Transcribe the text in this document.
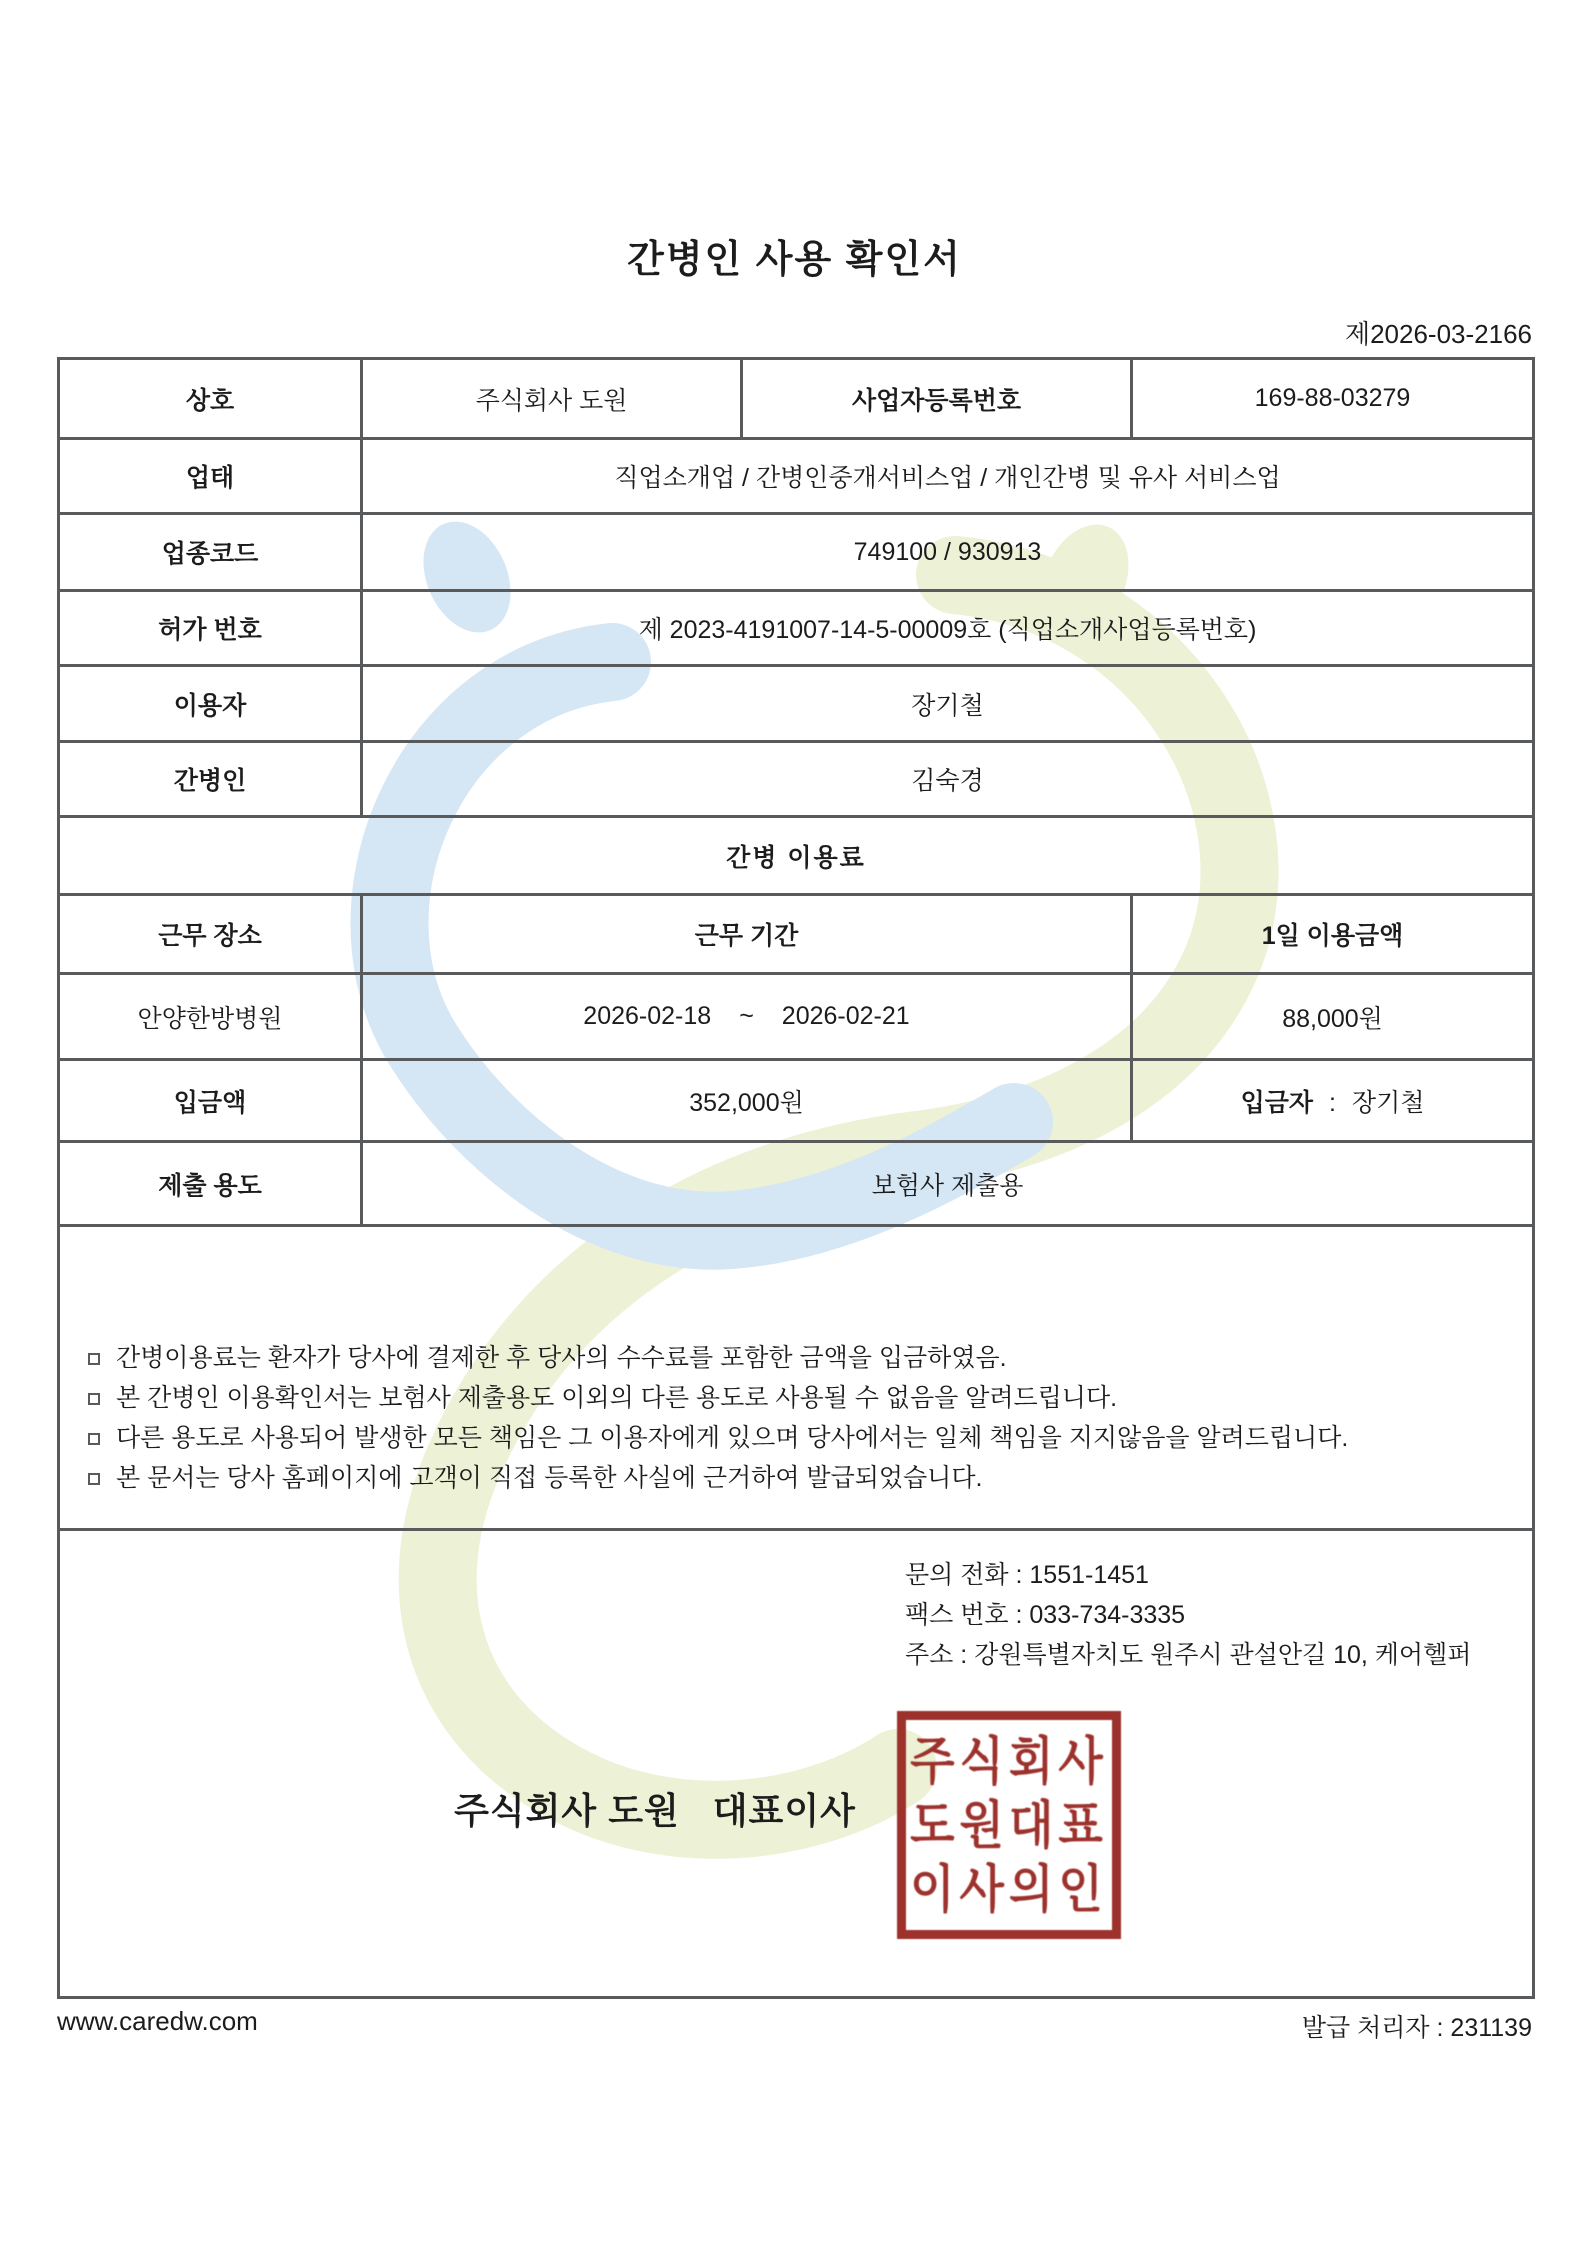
간병인 사용 확인서
제2026-03-2166
상호	주식회사 도원	사업자등록번호	169-88-03279
업태	직업소개업 / 간병인중개서비스업 / 개인간병 및 유사 서비스업		
업종코드	749100 / 930913		
허가 번호	제 2023-4191007-14-5-00009호 (직업소개사업등록번호)		
이용자	장기철		
간병인	김숙경		
간병 이용료			
근무 장소	근무 기간		1일 이용금액
안양한방병원	2026-02-18 ~ 2026-02-21		88,000원
입금액	352,000원		입금자 : 장기철
제출 용도	보험사 제출용		

간병이용료는 환자가 당사에 결제한 후 당사의 수수료를 포함한 금액을 입금하였음.
본 간병인 이용확인서는 보험사 제출용도 이외의 다른 용도로 사용될 수 없음을 알려드립니다.
다른 용도로 사용되어 발생한 모든 책임은 그 이용자에게 있으며 당사에서는 일체 책임을 지지않음을 알려드립니다.
본 문서는 당사 홈페이지에 고객이 직접 등록한 사실에 근거하여 발급되었습니다.			

문의 전화 : 1551-1451
팩스 번호 : 033-734-3335
주소 : 강원특별자치도 원주시 관설안길 10, 케어헬퍼
주식회사 도원   대표이사
주식회사
도원대표
이사의인
www.caredw.com	발급 처리자 : 231139
